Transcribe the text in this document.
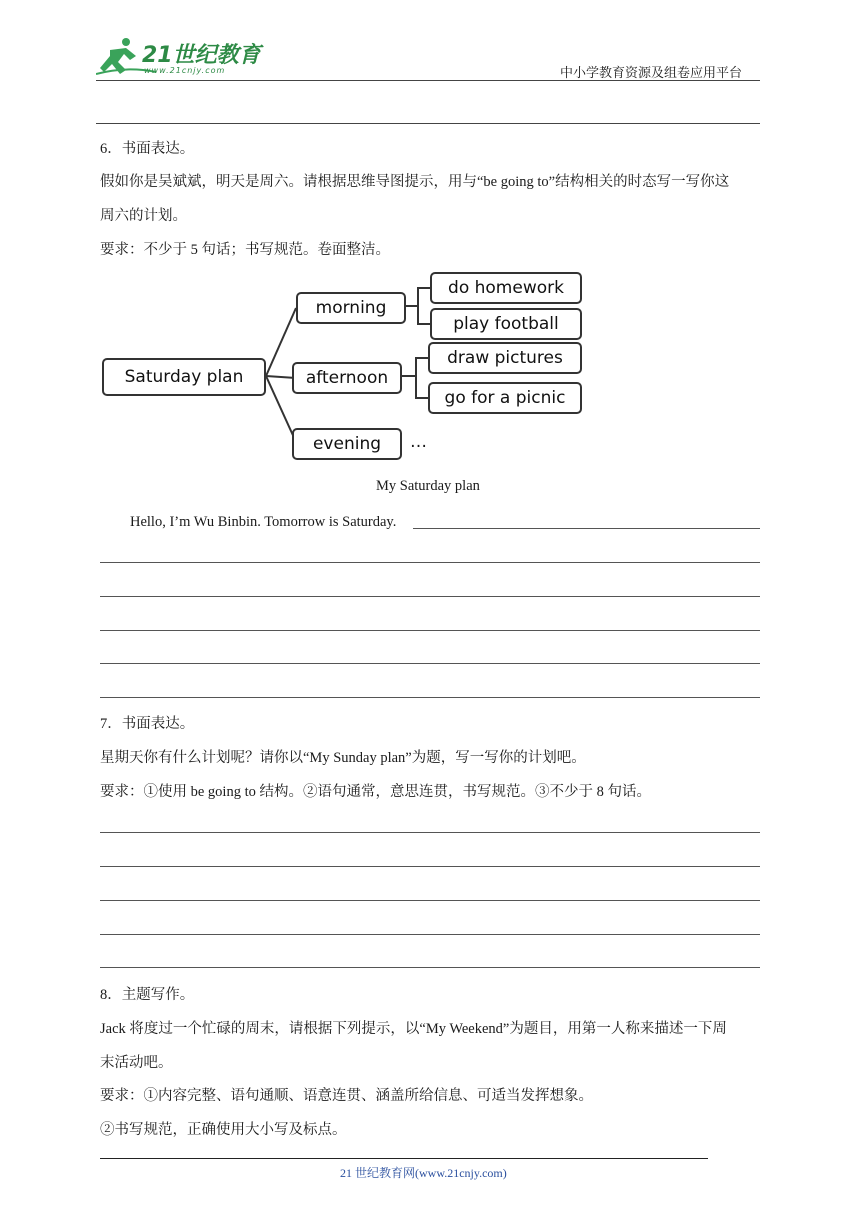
21世纪教育
www.21cnjy.com	中小学教育资源及组卷应用平台
6．书面表达。
假如你是吴斌斌，明天是周六。请根据思维导图提示，用与“be going to”结构相关的时态写一写你这
周六的计划。
要求：不少于 5 句话；书写规范。卷面整洁。
Saturday plan
morning
afternoon
evening
do homework
play football
draw pictures
go for a picnic
…
My Saturday plan
Hello, I’m Wu Binbin. Tomorrow is Saturday.
7．书面表达。
星期天你有什么计划呢？请你以“My Sunday plan”为题，写一写你的计划吧。
要求：①使用 be going to 结构。②语句通常，意思连贯，书写规范。③不少于 8 句话。
8．主题写作。
Jack 将度过一个忙碌的周末，请根据下列提示，以“My Weekend”为题目，用第一人称来描述一下周
末活动吧。
要求：①内容完整、语句通顺、语意连贯、涵盖所给信息、可适当发挥想象。
②书写规范，正确使用大小写及标点。
21 世纪教育网(www.21cnjy.com)
